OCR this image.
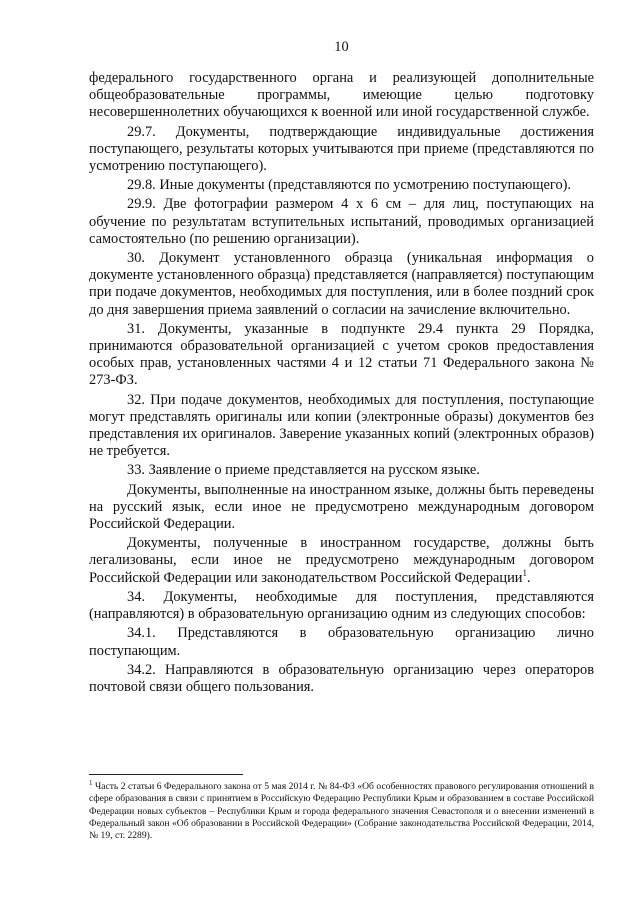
10

федерального государственного органа и реализующей дополнительные общеобразовательные программы, имеющие целью подготовку несовершеннолетних обучающихся к военной или иной государственной службе.

29.7. Документы, подтверждающие индивидуальные достижения поступающего, результаты которых учитываются при приеме (представляются по усмотрению поступающего).

29.8. Иные документы (представляются по усмотрению поступающего).

29.9. Две фотографии размером 4 х 6 см – для лиц, поступающих на обучение по результатам вступительных испытаний, проводимых организацией самостоятельно (по решению организации).

30. Документ установленного образца (уникальная информация о документе установленного образца) представляется (направляется) поступающим при подаче документов, необходимых для поступления, или в более поздний срок до дня завершения приема заявлений о согласии на зачисление включительно.

31. Документы, указанные в подпункте 29.4 пункта 29 Порядка, принимаются образовательной организацией с учетом сроков предоставления особых прав, установленных частями 4 и 12 статьи 71 Федерального закона № 273-ФЗ.

32. При подаче документов, необходимых для поступления, поступающие могут представлять оригиналы или копии (электронные образы) документов без представления их оригиналов. Заверение указанных копий (электронных образов) не требуется.

33. Заявление о приеме представляется на русском языке.

Документы, выполненные на иностранном языке, должны быть переведены на русский язык, если иное не предусмотрено международным договором Российской Федерации.

Документы, полученные в иностранном государстве, должны быть легализованы, если иное не предусмотрено международным договором Российской Федерации или законодательством Российской Федерации$^1$.

34. Документы, необходимые для поступления, представляются (направляются) в образовательную организацию одним из следующих способов:

34.1. Представляются в образовательную организацию лично поступающим.

34.2. Направляются в образовательную организацию через операторов почтовой связи общего пользования.

$^1$ Часть 2 статьи 6 Федерального закона от 5 мая 2014 г. № 84-ФЗ «Об особенностях правового регулирования отношений в сфере образования в связи с принятием в Российскую Федерацию Республики Крым и образованием в составе Российской Федерации новых субъектов – Республики Крым и города федерального значения Севастополя и о внесении изменений в Федеральный закон «Об образовании в Российской Федерации» (Собрание законодательства Российской Федерации, 2014, № 19, ст. 2289).
